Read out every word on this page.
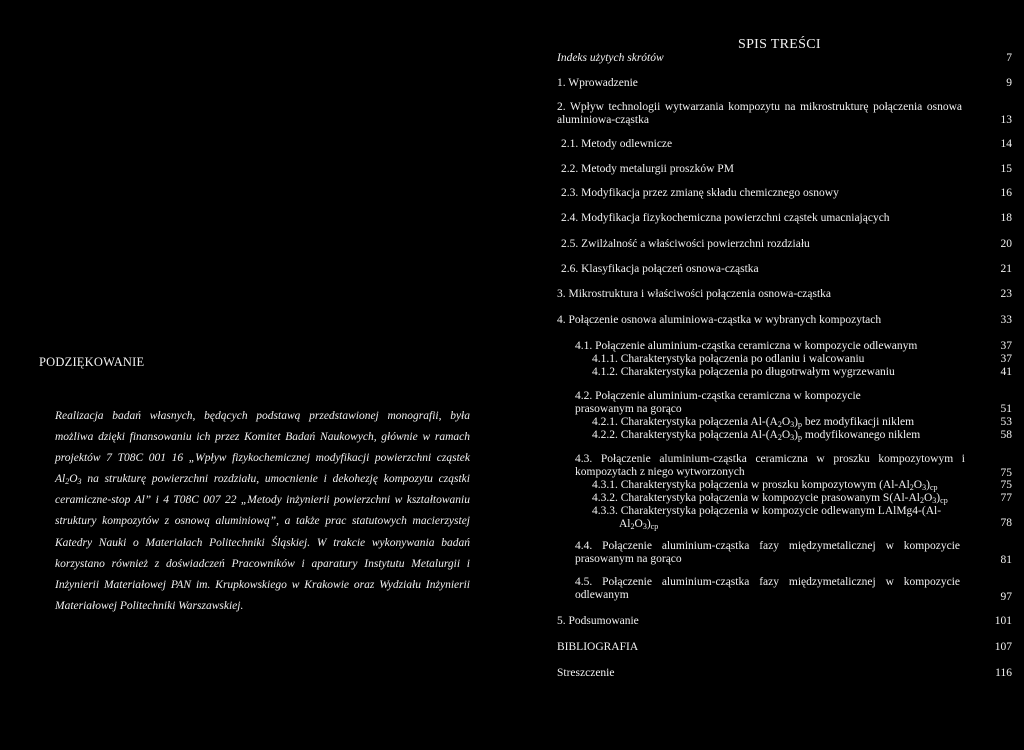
SPIS TREŚCI
Indeks użytych skrótów	7
1. Wprowadzenie	9
2. Wpływ technologii wytwarzania kompozytu na mikrostrukturę połączenia osnowa aluminiowa-cząstka	13
2.1. Metody odlewnicze	14
2.2. Metody metalurgii proszków PM	15
2.3. Modyfikacja przez zmianę składu chemicznego osnowy	16
2.4. Modyfikacja fizykochemiczna powierzchni cząstek umacniających	18
2.5. Zwilżalność a właściwości powierzchni rozdziału	20
2.6. Klasyfikacja połączeń osnowa-cząstka	21
3. Mikrostruktura i właściwości połączenia osnowa-cząstka	23
4. Połączenie osnowa aluminiowa-cząstka w wybranych kompozytach	33
4.1. Połączenie aluminium-cząstka ceramiczna w kompozycie odlewanym	37
4.1.1. Charakterystyka połączenia po odlaniu i walcowaniu	37
4.1.2. Charakterystyka połączenia po długotrwałym wygrzewaniu	41
4.2. Połączenie aluminium-cząstka ceramiczna w kompozycie prasowanym na gorąco	51
4.2.1. Charakterystyka połączenia $Al-(A_2O_3)_p$ bez modyfikacji niklem	53
4.2.2. Charakterystyka połączenia $Al-(A_2O_3)_p$ modyfikowanego niklem	58
4.3. Połączenie aluminium-cząstka ceramiczna w proszku kompozytowym i kompozytach z niego wytworzonych	75
4.3.1. Charakterystyka połączenia w proszku kompozytowym $(Al-Al_2O_3)_{cp}$	75
4.3.2. Charakterystyka połączenia w kompozycie prasowanym $S(Al-Al_2O_3)_{cp}$	77
4.3.3. Charakterystyka połączenia w kompozycie odlewanym LAlMg4-(Al-
$Al_2O_3)_{cp}$	78
4.4. Połączenie aluminium-cząstka fazy międzymetalicznej w kompozycie prasowanym na gorąco	81
4.5. Połączenie aluminium-cząstka fazy międzymetalicznej w kompozycie odlewanym	97
5. Podsumowanie	101
BIBLIOGRAFIA	107
Streszczenie	116
PODZIĘKOWANIE

Realizacja badań własnych, będących podstawą przedstawionej monografii, była możliwa dzięki finansowaniu ich przez Komitet Badań Naukowych, głównie w ramach projektów 7 T08C 001 16 „Wpływ fizykochemicznej modyfikacji powierzchni cząstek $Al_2O_3$ na strukturę powierzchni rozdziału, umocnienie i dekohezję kompozytu cząstki ceramiczne-stop Al” i 4 T08C 007 22 „Metody inżynierii powierzchni w kształtowaniu struktury kompozytów z osnową aluminiową”, a także prac statutowych macierzystej Katedry Nauki o Materiałach Politechniki Śląskiej. W trakcie wykonywania badań korzystano również z doświadczeń Pracowników i aparatury Instytutu Metalurgii i Inżynierii Materiałowej PAN im. Krupkowskiego w Krakowie oraz Wydziału Inżynierii Materiałowej Politechniki Warszawskiej.
